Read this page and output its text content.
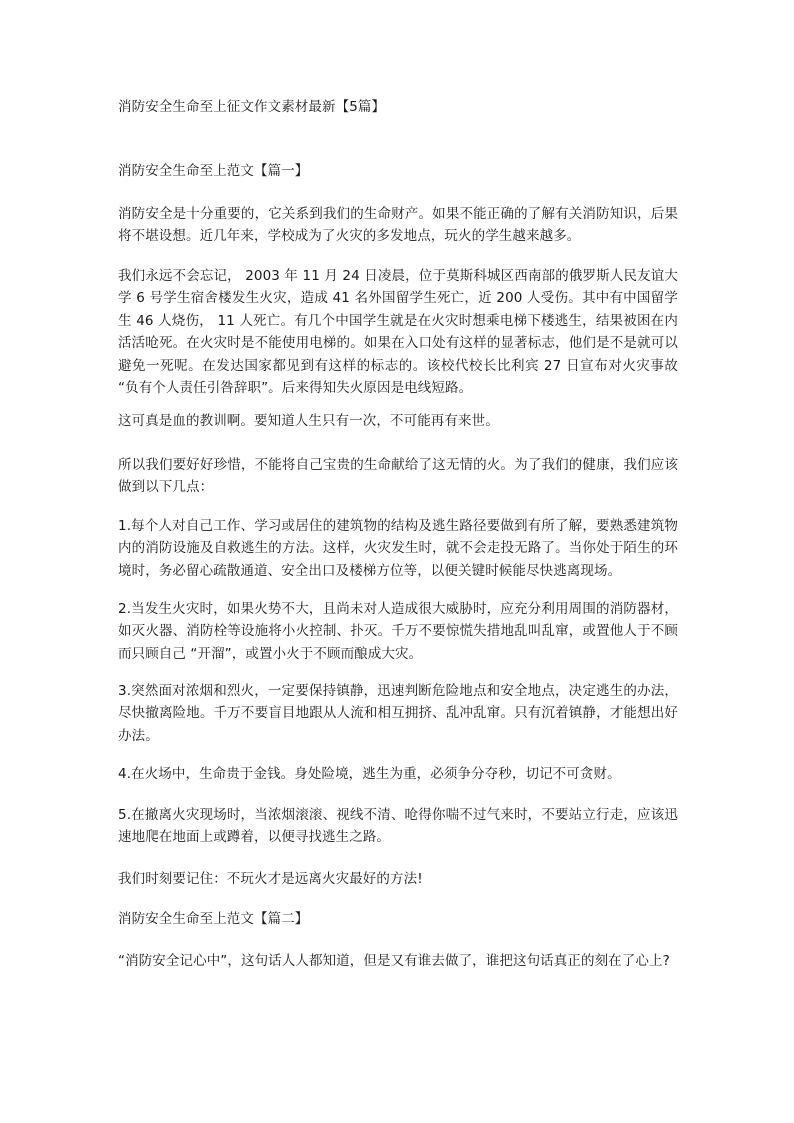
消防安全生命至上征文作文素材最新【5篇】

消防安全生命至上范文【篇一】

消防安全是十分重要的，它关系到我们的生命财产。如果不能正确的了解有关消防知识，后果将不堪设想。近几年来，学校成为了火灾的多发地点，玩火的学生越来越多。

我们永远不会忘记， 2003 年 11 月 24 日凌晨，位于莫斯科城区西南部的俄罗斯人民友谊大学 6 号学生宿舍楼发生火灾，造成 41 名外国留学生死亡，近 200 人受伤。其中有中国留学生 46 人烧伤， 11 人死亡。有几个中国学生就是在火灾时想乘电梯下楼逃生，结果被困在内活活呛死。在火灾时是不能使用电梯的。如果在入口处有这样的显著标志，他们是不是就可以避免一死呢。在发达国家都见到有这样的标志的。该校代校长比利宾 27 日宣布对火灾事故 “负有个人责任引咎辞职”。后来得知失火原因是电线短路。

这可真是血的教训啊。要知道人生只有一次，不可能再有来世。

所以我们要好好珍惜，不能将自己宝贵的生命献给了这无情的火。为了我们的健康，我们应该做到以下几点：

1.每个人对自己工作、学习或居住的建筑物的结构及逃生路径要做到有所了解，要熟悉建筑物内的消防设施及自救逃生的方法。这样，火灾发生时，就不会走投无路了。当你处于陌生的环境时，务必留心疏散通道、安全出口及楼梯方位等，以便关键时候能尽快逃离现场。

2.当发生火灾时，如果火势不大，且尚未对人造成很大威胁时，应充分利用周围的消防器材，如灭火器、消防栓等设施将小火控制、扑灭。千万不要惊慌失措地乱叫乱窜，或置他人于不顾而只顾自己 “开溜”，或置小火于不顾而酿成大灾。

3.突然面对浓烟和烈火，一定要保持镇静，迅速判断危险地点和安全地点，决定逃生的办法，尽快撤离险地。千万不要盲目地跟从人流和相互拥挤、乱冲乱窜。只有沉着镇静，才能想出好办法。

4.在火场中，生命贵于金钱。身处险境，逃生为重，必须争分夺秒，切记不可贪财。

5.在撤离火灾现场时，当浓烟滚滚、视线不清、呛得你喘不过气来时，不要站立行走，应该迅速地爬在地面上或蹲着，以便寻找逃生之路。

我们时刻要记住：不玩火才是远离火灾最好的方法!

消防安全生命至上范文【篇二】

“消防安全记心中”，这句话人人都知道，但是又有谁去做了，谁把这句话真正的刻在了心上?
